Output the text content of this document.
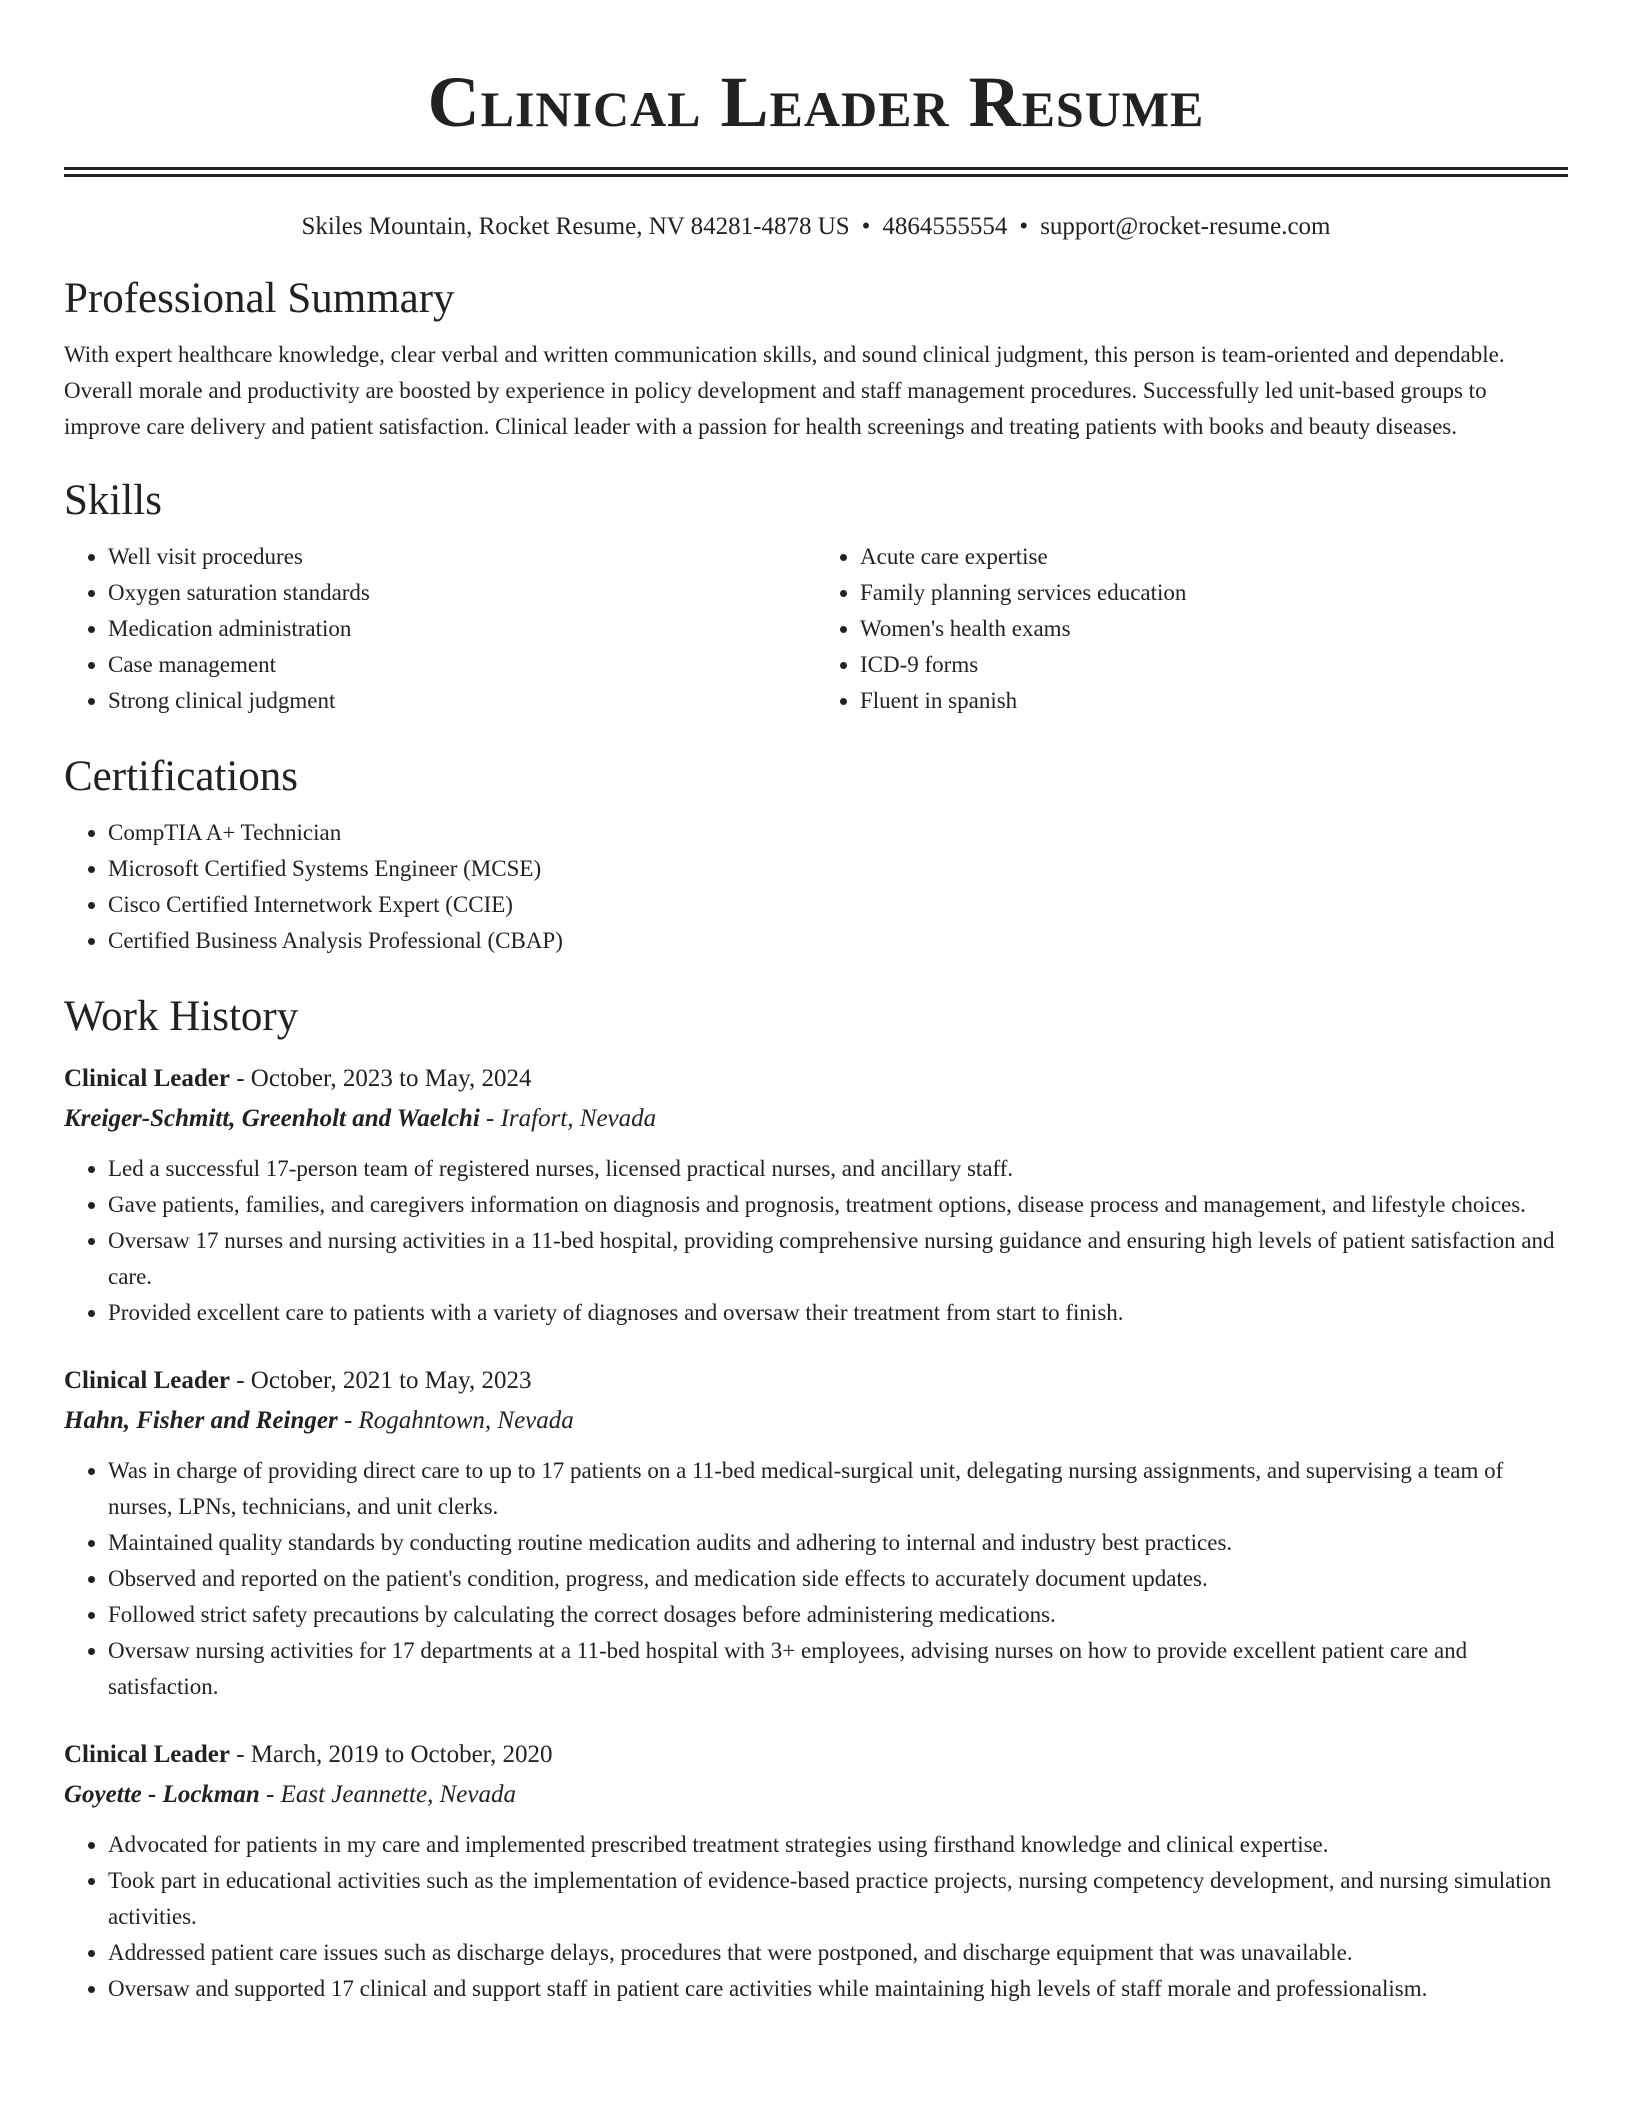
Clinical Leader Resume
Skiles Mountain, Rocket Resume, NV 84281-4878 US • 4864555554 • support@rocket-resume.com
Professional Summary

With expert healthcare knowledge, clear verbal and written communication skills, and sound clinical judgment, this person is team-oriented and dependable. Overall morale and productivity are boosted by experience in policy development and staff management procedures. Successfully led unit-based groups to improve care delivery and patient satisfaction. Clinical leader with a passion for health screenings and treating patients with books and beauty diseases.

Skills
• Well visit procedures
• Oxygen saturation standards
• Medication administration
• Case management
• Strong clinical judgment
• Acute care expertise
• Family planning services education
• Women's health exams
• ICD-9 forms
• Fluent in spanish
Certifications
• CompTIA A+ Technician
• Microsoft Certified Systems Engineer (MCSE)
• Cisco Certified Internetwork Expert (CCIE)
• Certified Business Analysis Professional (CBAP)
Work History
Clinical Leader - October, 2023 to May, 2024
Kreiger-Schmitt, Greenholt and Waelchi - Irafort, Nevada
• Led a successful 17-person team of registered nurses, licensed practical nurses, and ancillary staff.
• Gave patients, families, and caregivers information on diagnosis and prognosis, treatment options, disease process and management, and lifestyle choices.
• Oversaw 17 nurses and nursing activities in a 11-bed hospital, providing comprehensive nursing guidance and ensuring high levels of patient satisfaction and care.
• Provided excellent care to patients with a variety of diagnoses and oversaw their treatment from start to finish.
Clinical Leader - October, 2021 to May, 2023
Hahn, Fisher and Reinger - Rogahntown, Nevada
• Was in charge of providing direct care to up to 17 patients on a 11-bed medical-surgical unit, delegating nursing assignments, and supervising a team of nurses, LPNs, technicians, and unit clerks.
• Maintained quality standards by conducting routine medication audits and adhering to internal and industry best practices.
• Observed and reported on the patient's condition, progress, and medication side effects to accurately document updates.
• Followed strict safety precautions by calculating the correct dosages before administering medications.
• Oversaw nursing activities for 17 departments at a 11-bed hospital with 3+ employees, advising nurses on how to provide excellent patient care and satisfaction.
Clinical Leader - March, 2019 to October, 2020
Goyette - Lockman - East Jeannette, Nevada
• Advocated for patients in my care and implemented prescribed treatment strategies using firsthand knowledge and clinical expertise.
• Took part in educational activities such as the implementation of evidence-based practice projects, nursing competency development, and nursing simulation activities.
• Addressed patient care issues such as discharge delays, procedures that were postponed, and discharge equipment that was unavailable.
• Oversaw and supported 17 clinical and support staff in patient care activities while maintaining high levels of staff morale and professionalism.
